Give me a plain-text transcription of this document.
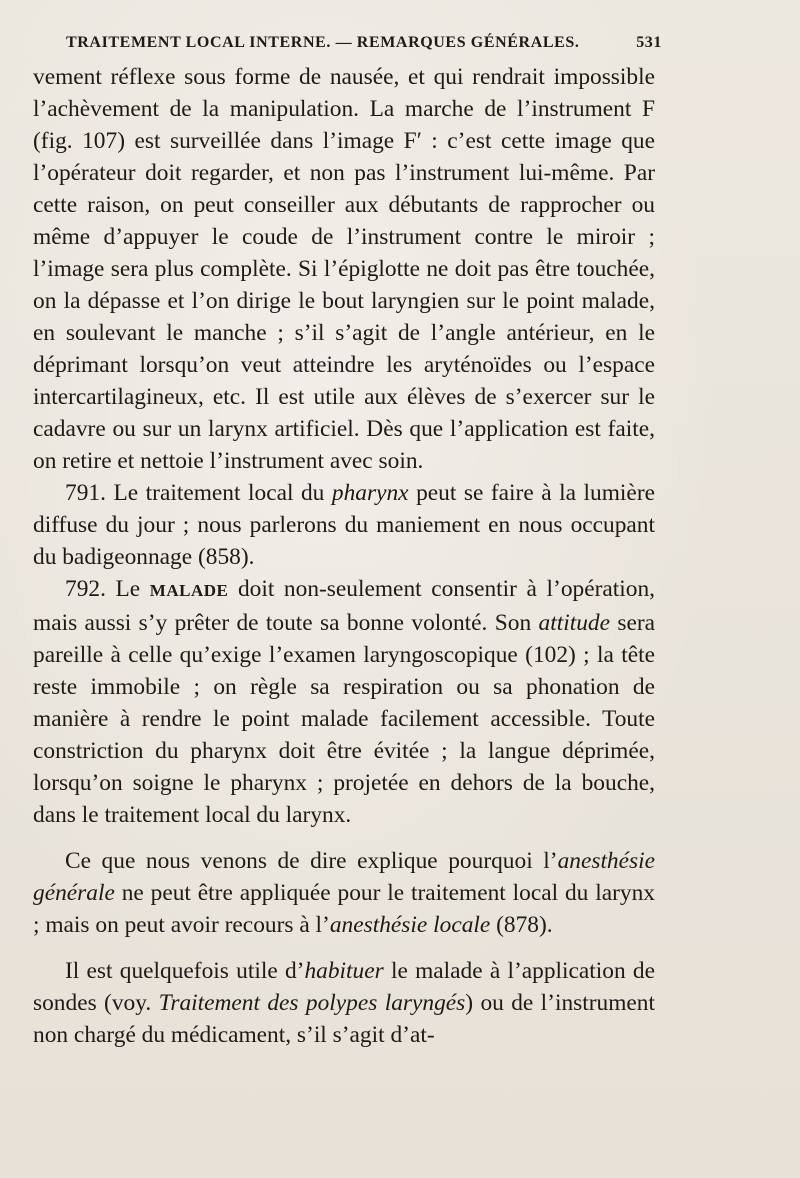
TRAITEMENT LOCAL INTERNE. — REMARQUES GÉNÉRALES.	531

vement réflexe sous forme de nausée, et qui rendrait impossible l’achèvement de la manipulation. La marche de l’instrument F (fig. 107) est surveillée dans l’image F′ : c’est cette image que l’opérateur doit regarder, et non pas l’instrument lui-même. Par cette raison, on peut conseiller aux débutants de rapprocher ou même d’appuyer le coude de l’instrument contre le miroir ; l’image sera plus complète. Si l’épiglotte ne doit pas être touchée, on la dépasse et l’on dirige le bout laryngien sur le point malade, en soulevant le manche ; s’il s’agit de l’angle antérieur, en le déprimant lorsqu’on veut atteindre les aryténoïdes ou l’espace intercartilagineux, etc. Il est utile aux élèves de s’exercer sur le cadavre ou sur un larynx artificiel. Dès que l’application est faite, on retire et nettoie l’instrument avec soin.

791. Le traitement local du pharynx peut se faire à la lumière diffuse du jour ; nous parlerons du maniement en nous occupant du badigeonnage (858).

792. Le MALADE doit non-seulement consentir à l’opération, mais aussi s’y prêter de toute sa bonne volonté. Son attitude sera pareille à celle qu’exige l’examen laryngoscopique (102) ; la tête reste immobile ; on règle sa respiration ou sa phonation de manière à rendre le point malade facilement accessible. Toute constriction du pharynx doit être évitée ; la langue déprimée, lorsqu’on soigne le pharynx ; projetée en dehors de la bouche, dans le traitement local du larynx.

Ce que nous venons de dire explique pourquoi l’anesthésie générale ne peut être appliquée pour le traitement local du larynx ; mais on peut avoir recours à l’anesthésie locale (878).

Il est quelquefois utile d’habituer le malade à l’application de sondes (voy. Traitement des polypes laryngés) ou de l’instrument non chargé du médicament, s’il s’agit d’at-
